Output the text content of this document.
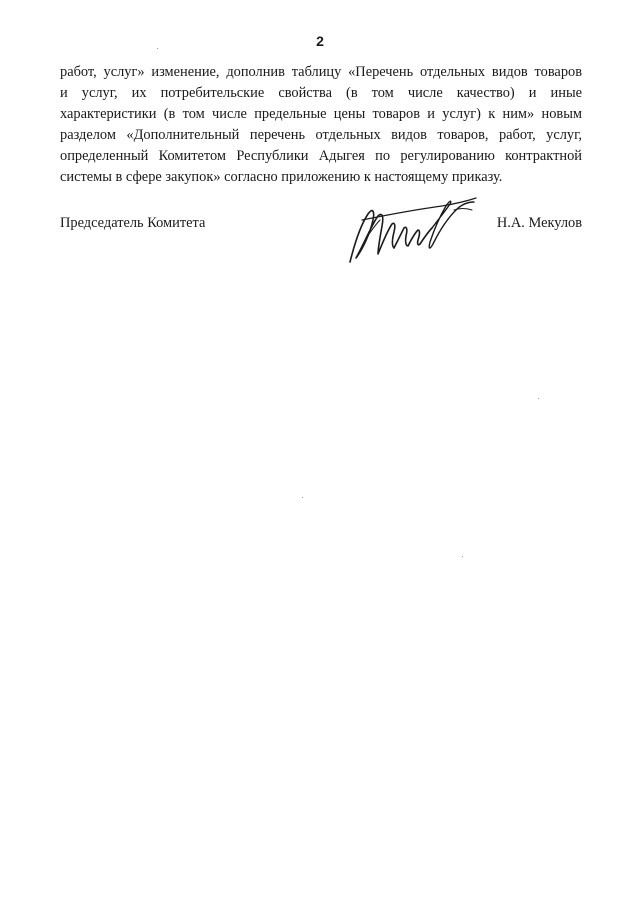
2
работ, услуг» изменение, дополнив таблицу «Перечень отдельных видов товаров
и услуг, их потребительские свойства (в том числе качество) и иные
характеристики (в том числе предельные цены товаров и услуг) к ним» новым
разделом «Дополнительный перечень отдельных видов товаров, работ, услуг,
определенный Комитетом Республики Адыгея по регулированию контрактной
системы в сфере закупок» согласно приложению к настоящему приказу.
Председатель Комитета	Н.А. Мекулов
